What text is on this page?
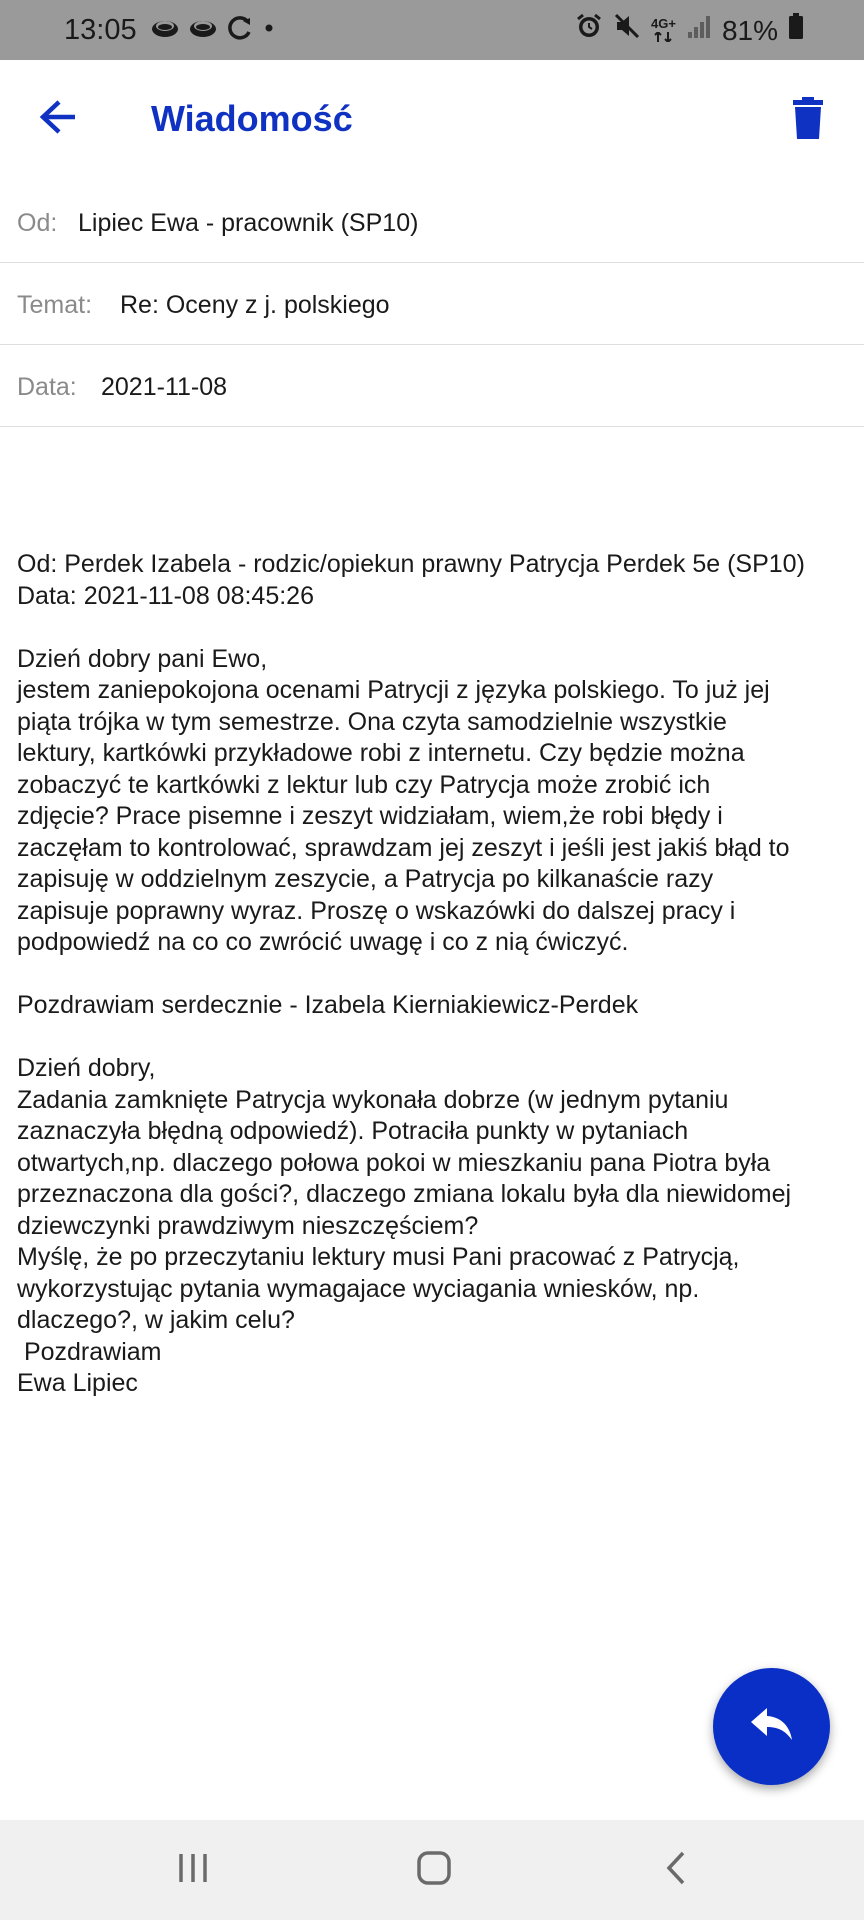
13:05	4G+ 81%
Wiadomość
Od: Lipiec Ewa - pracownik (SP10)
Temat: Re: Oceny z j. polskiego
Data: 2021-11-08

Od: Perdek Izabela - rodzic/opiekun prawny Patrycja Perdek 5e (SP10)
Data: 2021-11-08 08:45:26

Dzień dobry pani Ewo,
jestem zaniepokojona ocenami Patrycji z języka polskiego. To już jej
piąta trójka w tym semestrze. Ona czyta samodzielnie wszystkie
lektury, kartkówki przykładowe robi z internetu. Czy będzie można
zobaczyć te kartkówki z lektur lub czy Patrycja może zrobić ich
zdjęcie? Prace pisemne i zeszyt widziałam, wiem,że robi błędy i
zaczęłam to kontrolować, sprawdzam jej zeszyt i jeśli jest jakiś błąd to
zapisuję w oddzielnym zeszycie, a Patrycja po kilkanaście razy
zapisuje poprawny wyraz. Proszę o wskazówki do dalszej pracy i
podpowiedź na co co zwrócić uwagę i co z nią ćwiczyć.

Pozdrawiam serdecznie - Izabela Kierniakiewicz-Perdek

Dzień dobry,
Zadania zamknięte Patrycja wykonała dobrze (w jednym pytaniu
zaznaczyła błędną odpowiedź). Potraciła punkty w pytaniach
otwartych,np. dlaczego połowa pokoi w mieszkaniu pana Piotra była
przeznaczona dla gości?, dlaczego zmiana lokalu była dla niewidomej
dziewczynki prawdziwym nieszczęściem?
Myślę, że po przeczytaniu lektury musi Pani pracować z Patrycją,
wykorzystując pytania wymagajace wyciagania wniesków, np.
dlaczego?, w jakim celu?
Pozdrawiam
Ewa Lipiec
